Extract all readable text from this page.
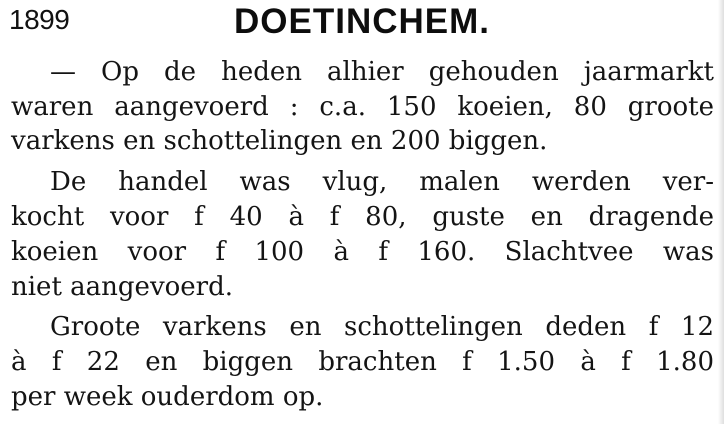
1899	DOETINCHEM.
— Op de heden alhier gehouden jaarmarkt
waren aangevoerd : c.a. 150 koeien, 80 groote
varkens en schottelingen en 200 biggen.
De handel was vlug, malen werden ver-
kocht voor f 40 à f 80, guste en dragende
koeien voor f 100 à f 160. Slachtvee was
niet aangevoerd.
Groote varkens en schottelingen deden f 12
à f 22 en biggen brachten f 1.50 à f 1.80
per week ouderdom op.
